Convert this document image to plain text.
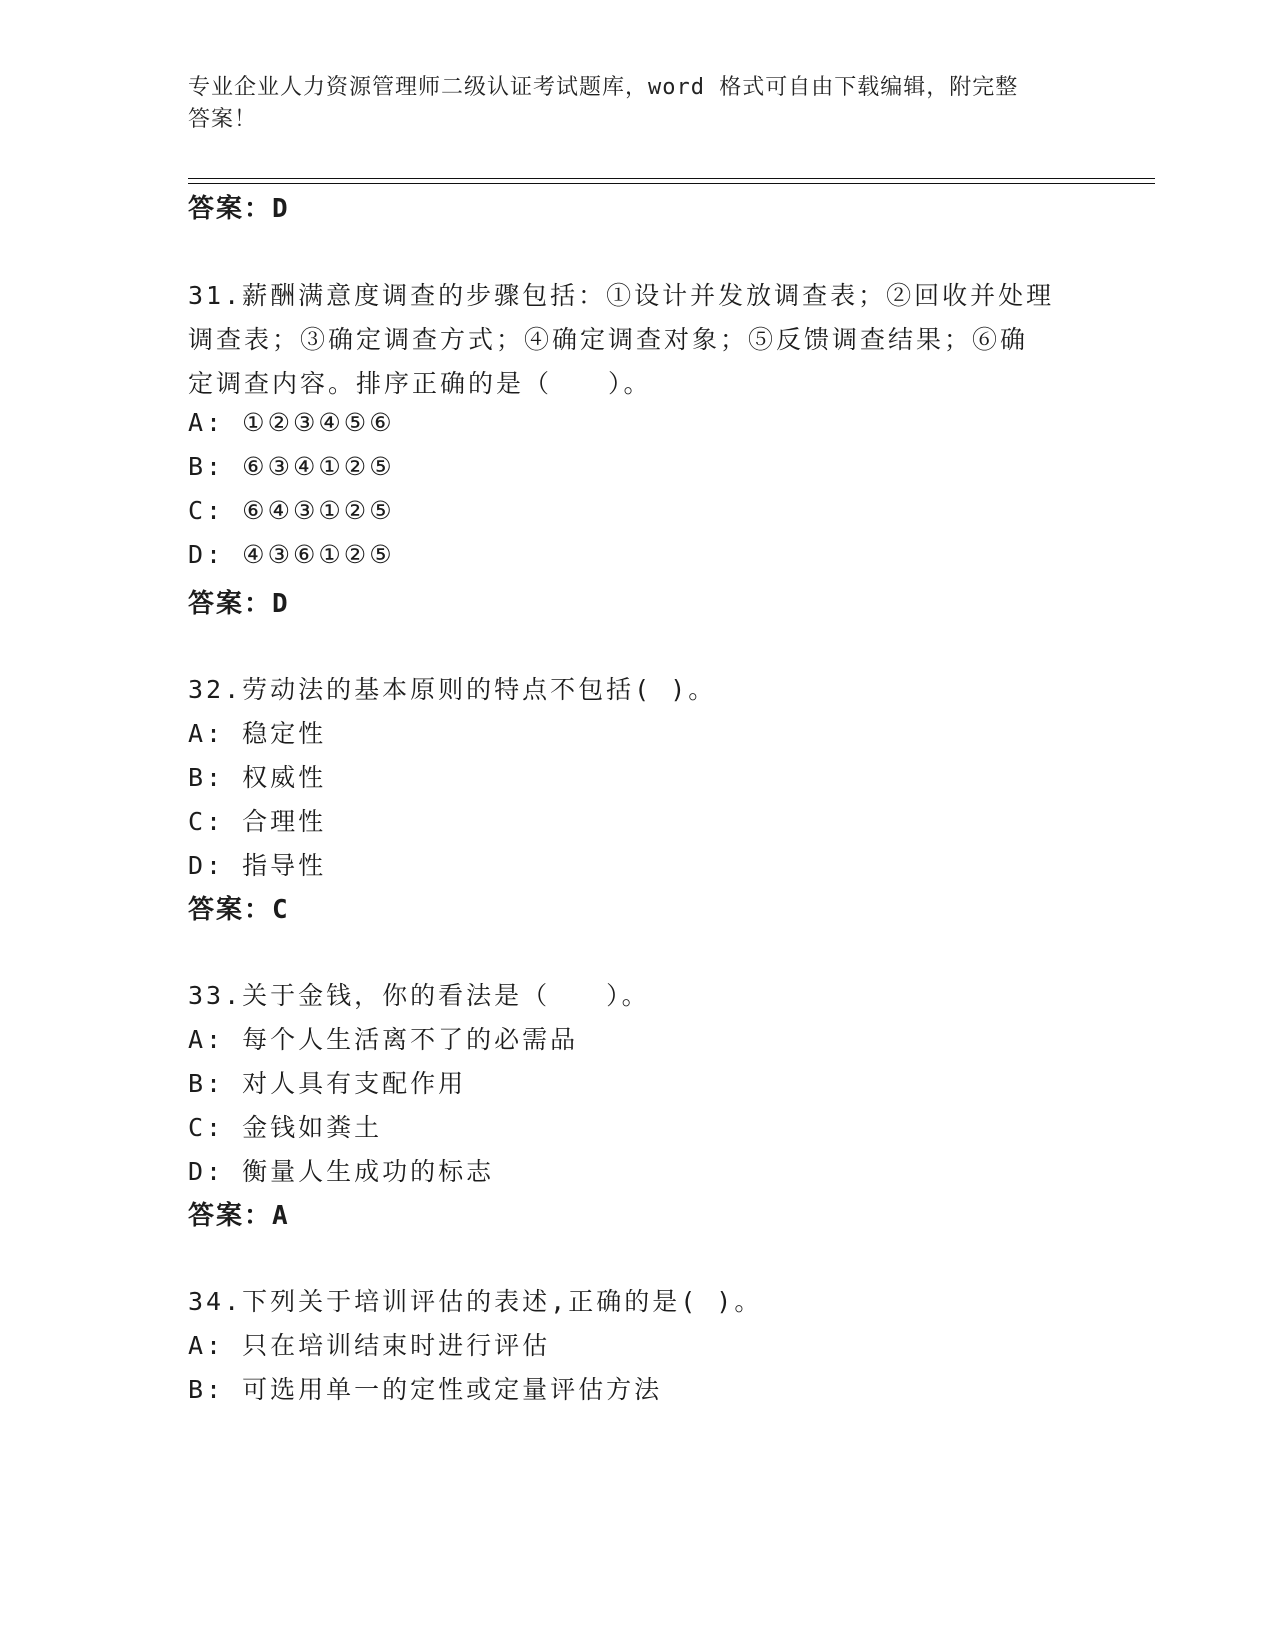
专业企业人力资源管理师二级认证考试题库，word 格式可自由下载编辑，附完整
答案！
答案：D
31.薪酬满意度调查的步骤包括：①设计并发放调查表；②回收并处理
调查表；③确定调查方式；④确定调查对象；⑤反馈调查结果；⑥确
定调查内容。排序正确的是（　　）。
A: ①②③④⑤⑥
B: ⑥③④①②⑤
C: ⑥④③①②⑤
D: ④③⑥①②⑤
答案：D
32.劳动法的基本原则的特点不包括( )。
A: 稳定性
B: 权威性
C: 合理性
D: 指导性
答案：C
33.关于金钱，你的看法是（　　）。
A: 每个人生活离不了的必需品
B: 对人具有支配作用
C: 金钱如粪土
D: 衡量人生成功的标志
答案：A
34.下列关于培训评估的表述,正确的是( )。
A: 只在培训结束时进行评估
B: 可选用单一的定性或定量评估方法
